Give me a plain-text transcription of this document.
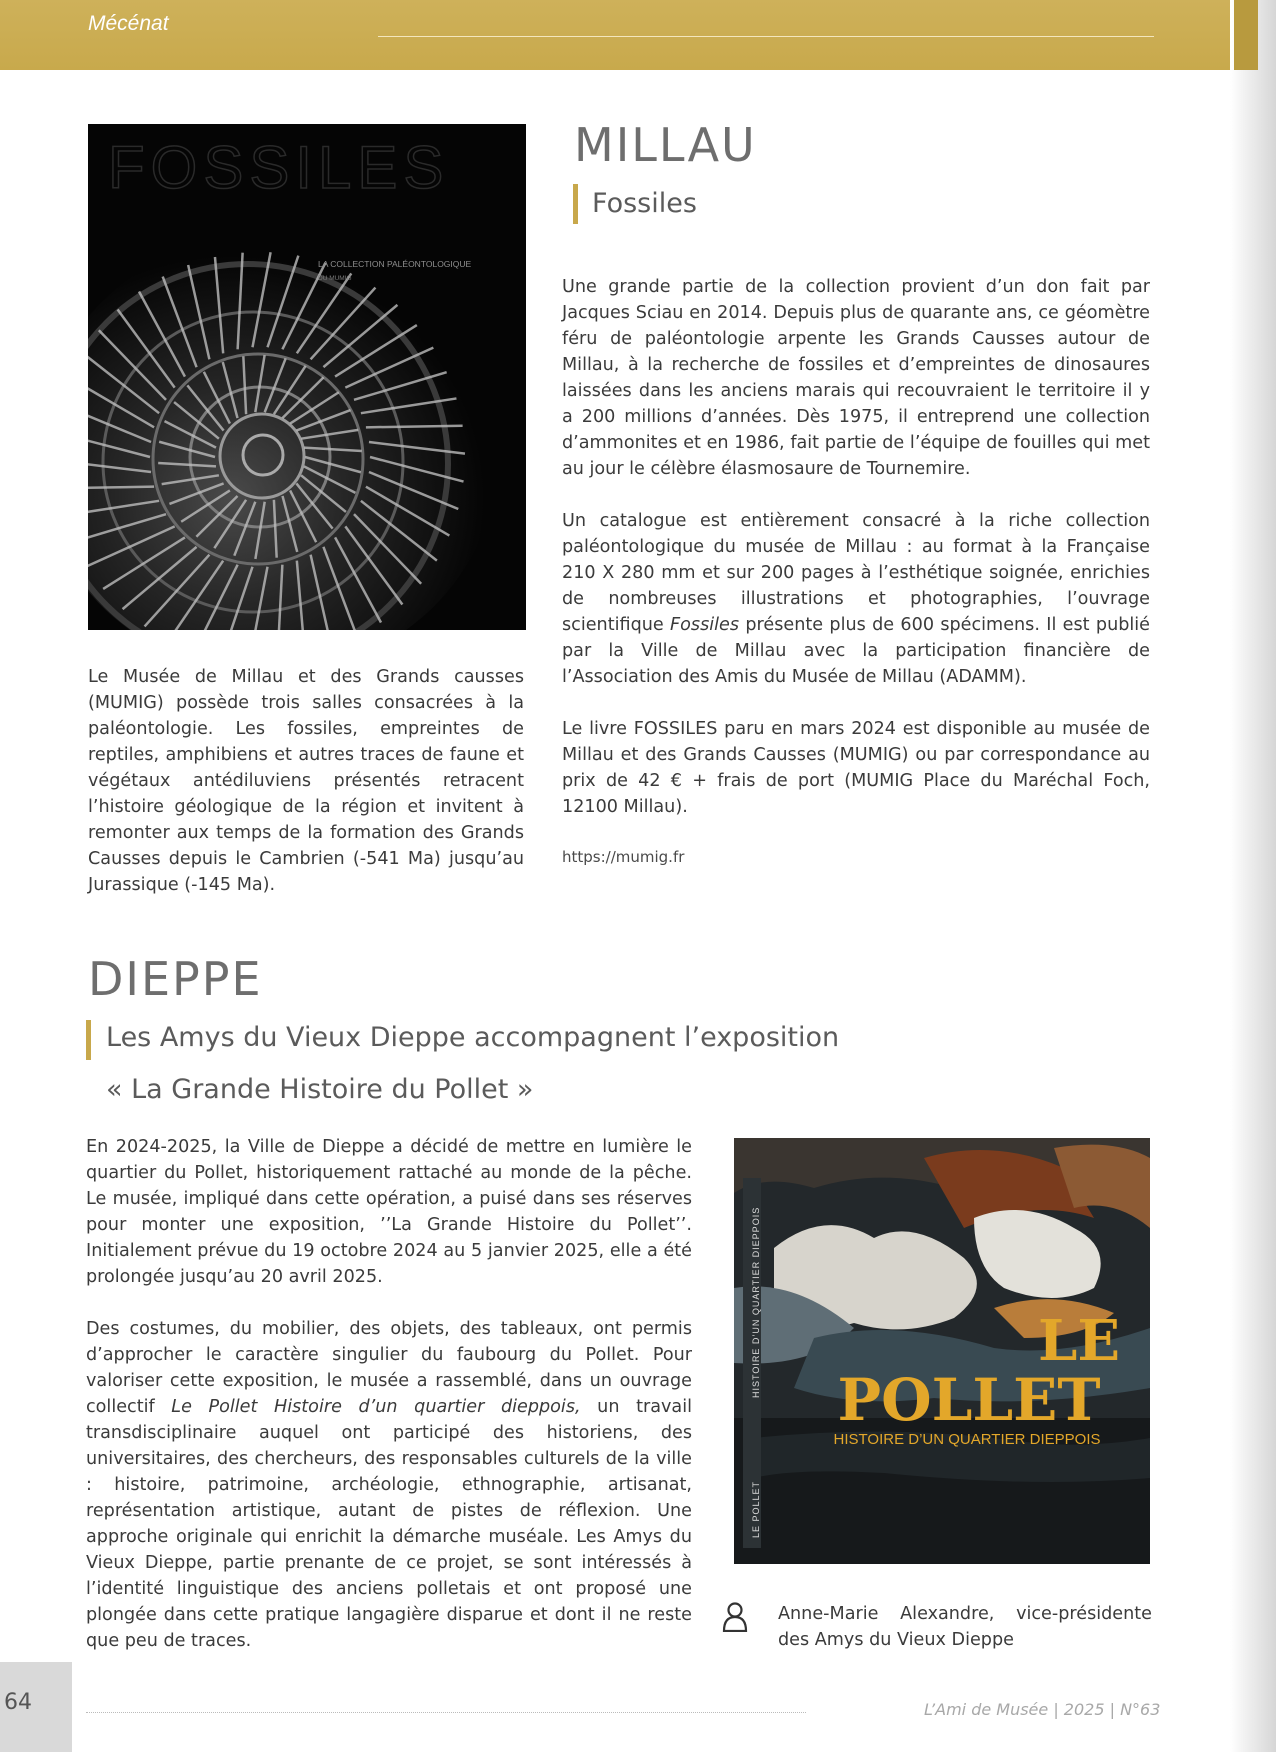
Mécénat
FOSSILES
LA COLLECTION PALÉONTOLOGIQUE
DU MUMIG
MILLAU
Fossiles

Le Musée de Millau et des Grands causses (MUMIG) possède trois salles consacrées à la paléontologie. Les fossiles, empreintes de reptiles, amphibiens et autres traces de faune et végétaux antédiluviens présentés retracent l’histoire géologique de la région et invitent à remonter aux temps de la formation des Grands Causses depuis le Cambrien (-541 Ma) jusqu’au Jurassique (-145 Ma).

Une grande partie de la collection provient d’un don fait par Jacques Sciau en 2014. Depuis plus de quarante ans, ce géomètre féru de paléontologie arpente les Grands Causses autour de Millau, à la recherche de fossiles et d’empreintes de dinosaures laissées dans les anciens marais qui recouvraient le territoire il y a 200 millions d’années. Dès 1975, il entreprend une collection d’ammonites et en 1986, fait partie de l’équipe de fouilles qui met au jour le célèbre élasmosaure de Tournemire.

Un catalogue est entièrement consacré à la riche collection paléontologique du musée de Millau : au format à la Française 210 X 280 mm et sur 200 pages à l’esthétique soignée, enrichies de nombreuses illustrations et photographies, l’ouvrage scientifique Fossiles présente plus de 600 spécimens. Il est publié par la Ville de Millau avec la participation financière de l’Association des Amis du Musée de Millau (ADAMM).

Le livre FOSSILES paru en mars 2024 est disponible au musée de Millau et des Grands Causses (MUMIG) ou par correspondance au prix de 42 € + frais de port (MUMIG Place du Maréchal Foch, 12100 Millau).

https://mumig.fr
DIEPPE
Les Amys du Vieux Dieppe accompagnent l’exposition
« La Grande Histoire du Pollet »

En 2024-2025, la Ville de Dieppe a décidé de mettre en lumière le quartier du Pollet, historiquement rattaché au monde de la pêche. Le musée, impliqué dans cette opération, a puisé dans ses réserves pour monter une exposition, ’’La Grande Histoire du Pollet’’. Initialement prévue du 19 octobre 2024 au 5 janvier 2025, elle a été prolongée jusqu’au 20 avril 2025.

Des costumes, du mobilier, des objets, des tableaux, ont permis d’approcher le caractère singulier du faubourg du Pollet. Pour valoriser cette exposition, le musée a rassemblé, dans un ouvrage collectif Le Pollet Histoire d’un quartier dieppois, un travail transdisciplinaire auquel ont participé des historiens, des universitaires, des chercheurs, des responsables culturels de la ville : histoire, patrimoine, archéologie, ethnographie, artisanat, représentation artistique, autant de pistes de réflexion. Une approche originale qui enrichit la démarche muséale. Les Amys du Vieux Dieppe, partie prenante de ce projet, se sont intéressés à l’identité linguistique des anciens polletais et ont proposé une plongée dans cette pratique langagière disparue et dont il ne reste que peu de traces.

HISTOIRE D’UN QUARTIER DIEPPOIS
LE POLLET
LE
POLLET
HISTOIRE D’UN QUARTIER DIEPPOIS
Anne-Marie Alexandre, vice-présidente des Amys du Vieux Dieppe
64	L’Ami de Musée | 2025 | N°63
